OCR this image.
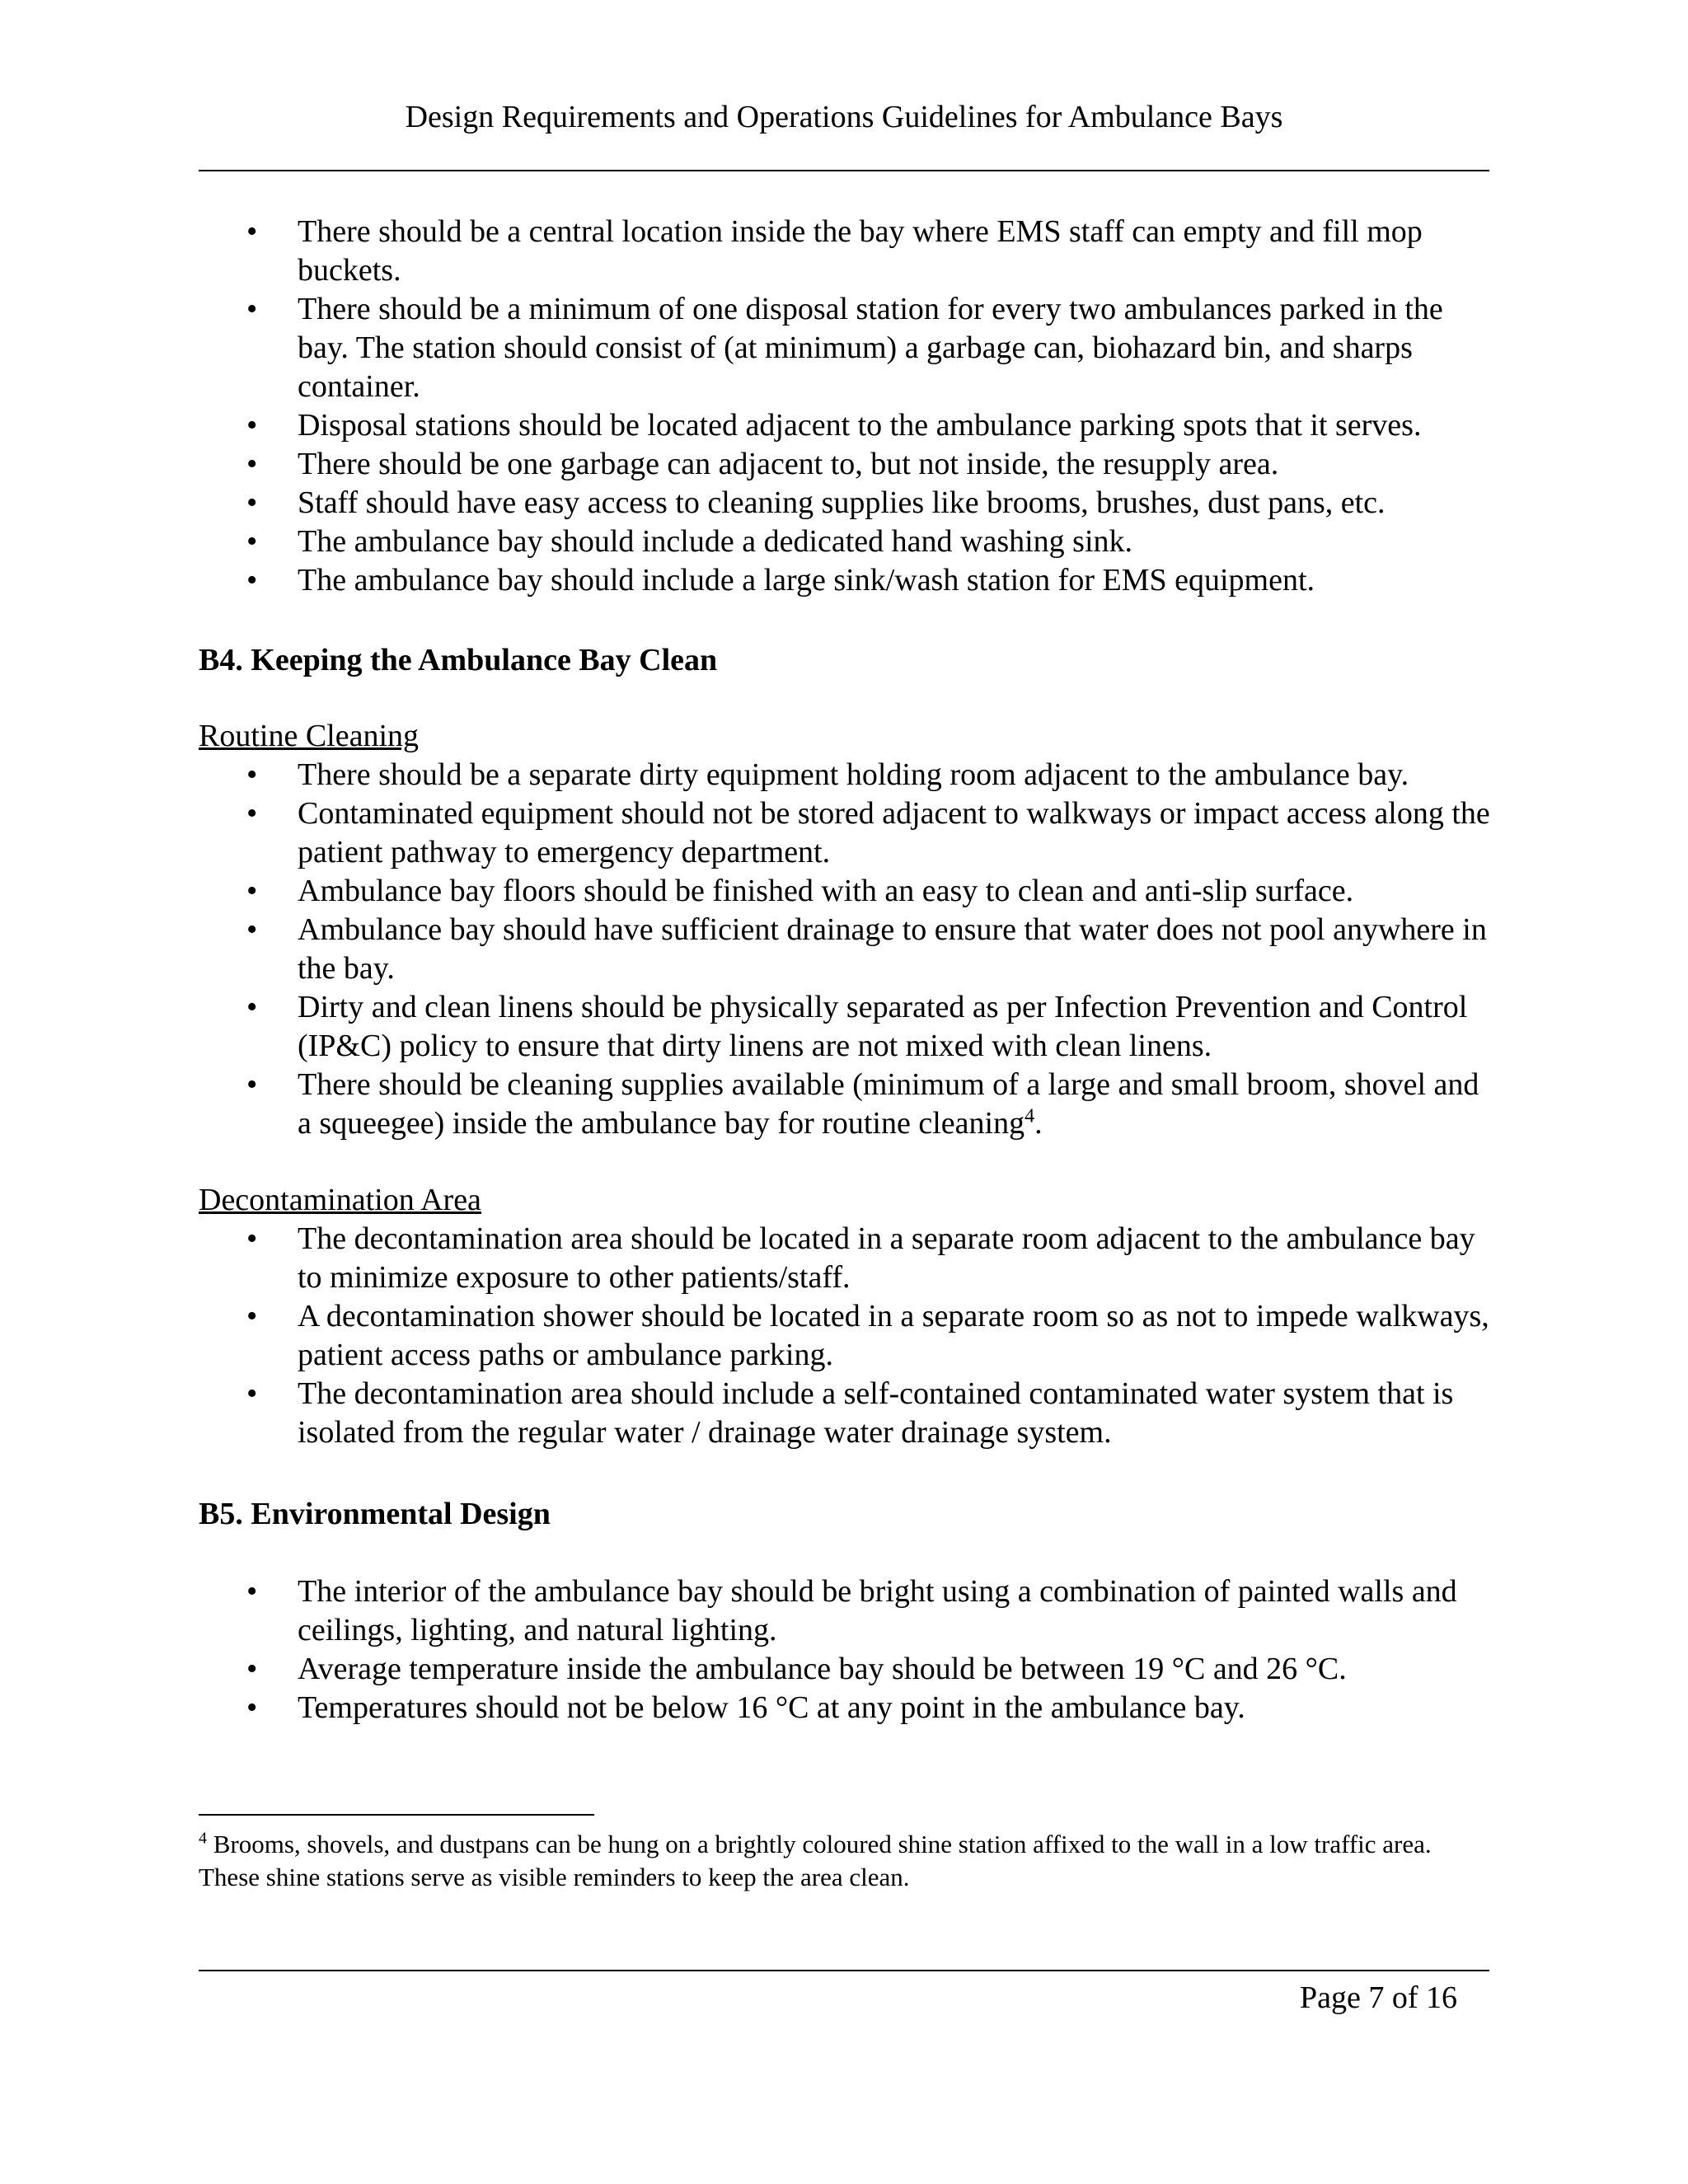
Design Requirements and Operations Guidelines for Ambulance Bays
•	There should be a central location inside the bay where EMS staff can empty and fill mop buckets.
•	There should be a minimum of one disposal station for every two ambulances parked in the bay. The station should consist of (at minimum) a garbage can, biohazard bin, and sharps container.
•	Disposal stations should be located adjacent to the ambulance parking spots that it serves.
•	There should be one garbage can adjacent to, but not inside, the resupply area.
•	Staff should have easy access to cleaning supplies like brooms, brushes, dust pans, etc.
•	The ambulance bay should include a dedicated hand washing sink.
•	The ambulance bay should include a large sink/wash station for EMS equipment.
B4. Keeping the Ambulance Bay Clean
Routine Cleaning
•	There should be a separate dirty equipment holding room adjacent to the ambulance bay.
•	Contaminated equipment should not be stored adjacent to walkways or impact access along the patient pathway to emergency department.
•	Ambulance bay floors should be finished with an easy to clean and anti-slip surface.
•	Ambulance bay should have sufficient drainage to ensure that water does not pool anywhere in the bay.
•	Dirty and clean linens should be physically separated as per Infection Prevention and Control (IP&C) policy to ensure that dirty linens are not mixed with clean linens.
•	There should be cleaning supplies available (minimum of a large and small broom, shovel and a squeegee) inside the ambulance bay for routine cleaning$^4$.
Decontamination Area
•	The decontamination area should be located in a separate room adjacent to the ambulance bay to minimize exposure to other patients/staff.
•	A decontamination shower should be located in a separate room so as not to impede walkways, patient access paths or ambulance parking.
•	The decontamination area should include a self-contained contaminated water system that is isolated from the regular water / drainage water drainage system.
B5. Environmental Design
•	The interior of the ambulance bay should be bright using a combination of painted walls and ceilings, lighting, and natural lighting.
•	Average temperature inside the ambulance bay should be between 19 °C and 26 °C.
•	Temperatures should not be below 16 °C at any point in the ambulance bay.
$^4$ Brooms, shovels, and dustpans can be hung on a brightly coloured shine station affixed to the wall in a low traffic area. These shine stations serve as visible reminders to keep the area clean.
Page 7 of 16
